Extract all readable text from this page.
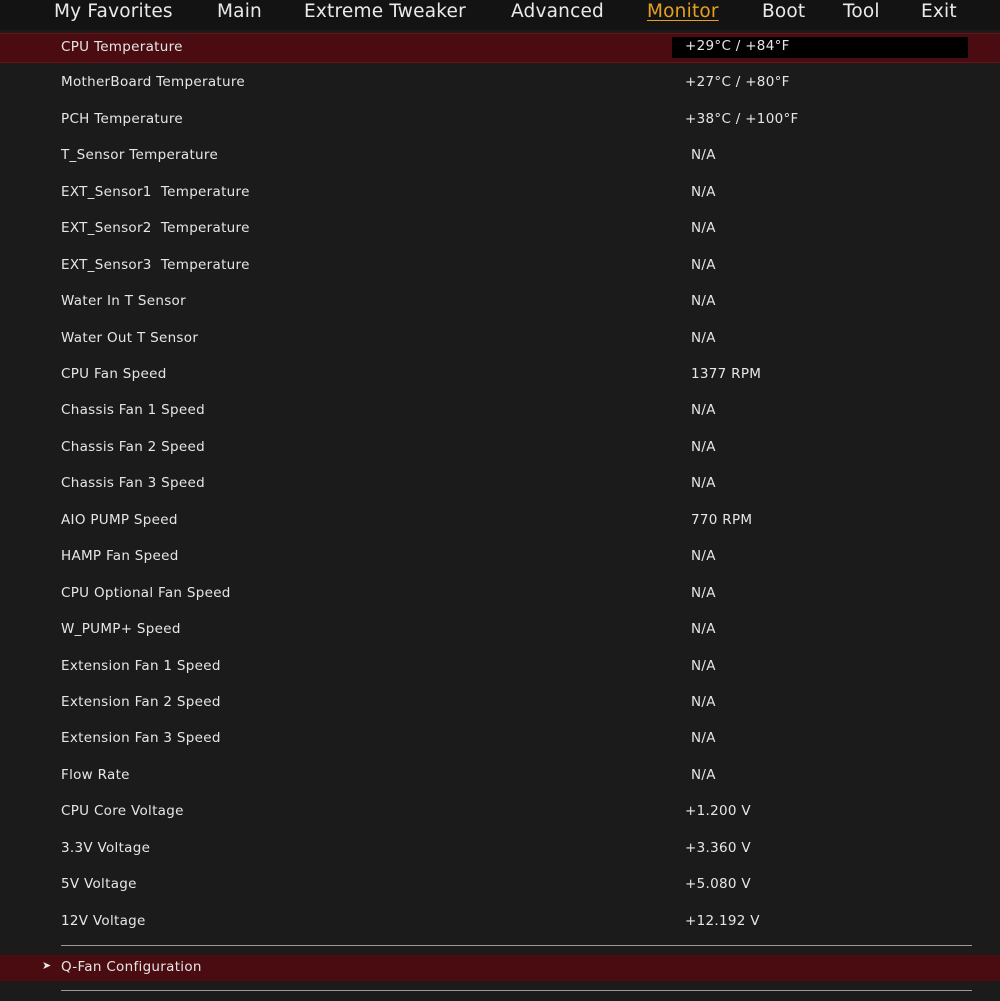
My Favorites Main Extreme Tweaker Advanced Monitor Boot Tool Exit
CPU Temperature	+29°C / +84°F
MotherBoard Temperature	+27°C / +80°F
PCH Temperature	+38°C / +100°F
T_Sensor Temperature	N/A
EXT_Sensor1  Temperature	N/A
EXT_Sensor2  Temperature	N/A
EXT_Sensor3  Temperature	N/A
Water In T Sensor	N/A
Water Out T Sensor	N/A
CPU Fan Speed	1377 RPM
Chassis Fan 1 Speed	N/A
Chassis Fan 2 Speed	N/A
Chassis Fan 3 Speed	N/A
AIO PUMP Speed	770 RPM
HAMP Fan Speed	N/A
CPU Optional Fan Speed	N/A
W_PUMP+ Speed	N/A
Extension Fan 1 Speed	N/A
Extension Fan 2 Speed	N/A
Extension Fan 3 Speed	N/A
Flow Rate	N/A
CPU Core Voltage	+1.200 V
3.3V Voltage	+3.360 V
5V Voltage	+5.080 V
12V Voltage	+12.192 V
➤ Q-Fan Configuration
